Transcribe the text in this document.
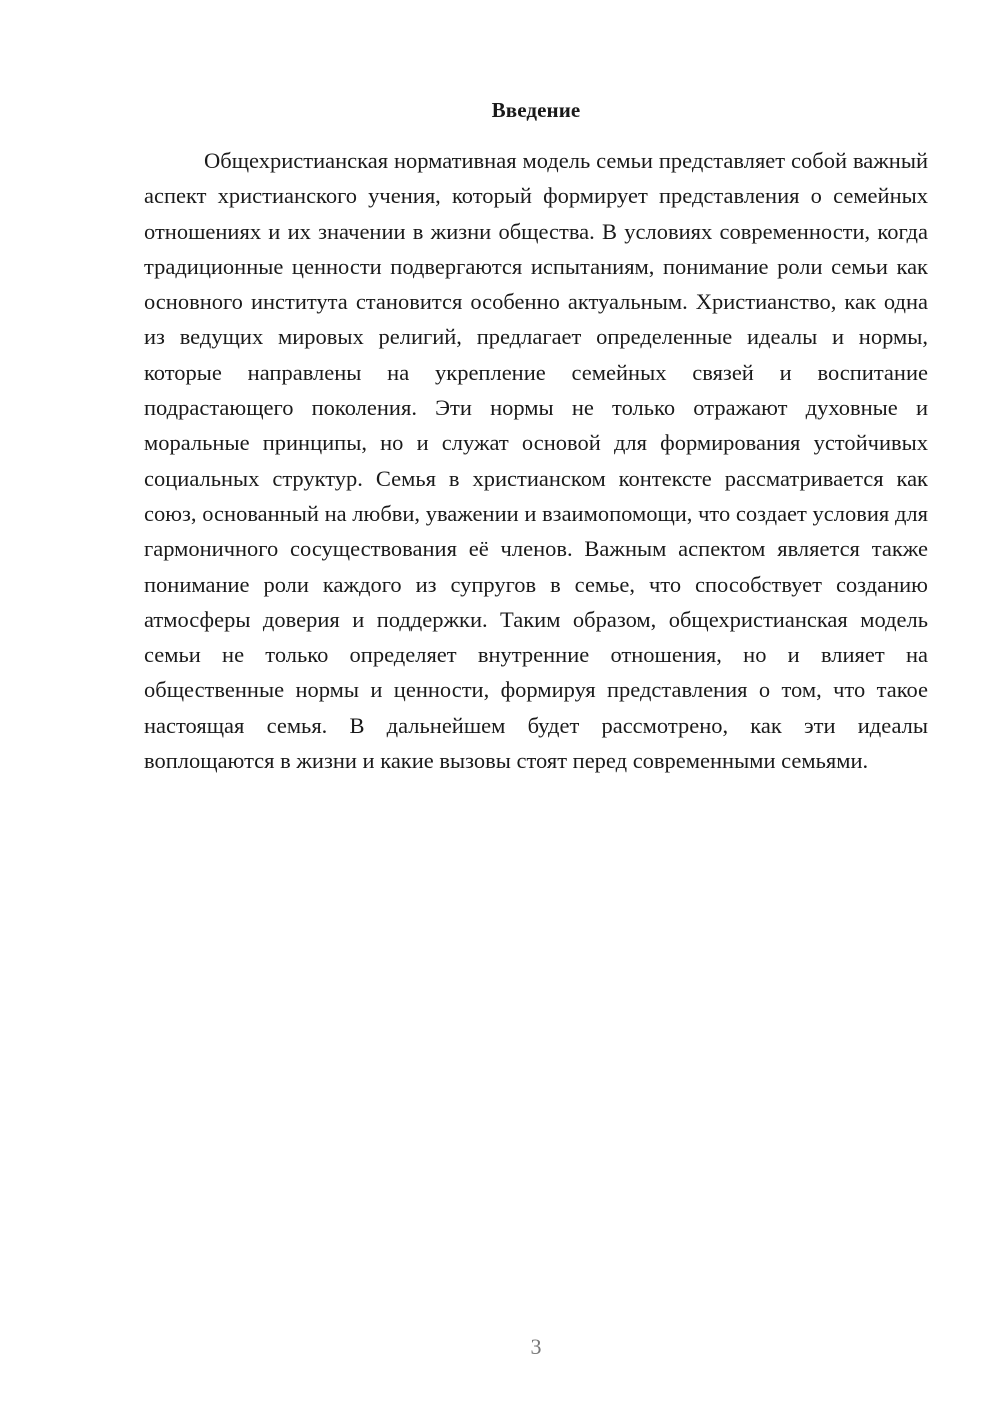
Введение

Общехристианская нормативная модель семьи представляет собой важный аспект христианского учения, который формирует представления о семейных отношениях и их значении в жизни общества. В условиях современности, когда традиционные ценности подвергаются испытаниям, понимание роли семьи как основного института становится особенно актуальным. Христианство, как одна из ведущих мировых религий, предлагает определенные идеалы и нормы, которые направлены на укрепление семейных связей и воспитание подрастающего поколения. Эти нормы не только отражают духовные и моральные принципы, но и служат основой для формирования устойчивых социальных структур. Семья в христианском контексте рассматривается как союз, основанный на любви, уважении и взаимопомощи, что создает условия для гармоничного сосуществования её членов. Важным аспектом является также понимание роли каждого из супругов в семье, что способствует созданию атмосферы доверия и поддержки. Таким образом, общехристианская модель семьи не только определяет внутренние отношения, но и влияет на общественные нормы и ценности, формируя представления о том, что такое настоящая семья. В дальнейшем будет рассмотрено, как эти идеалы воплощаются в жизни и какие вызовы стоят перед современными семьями.

3
